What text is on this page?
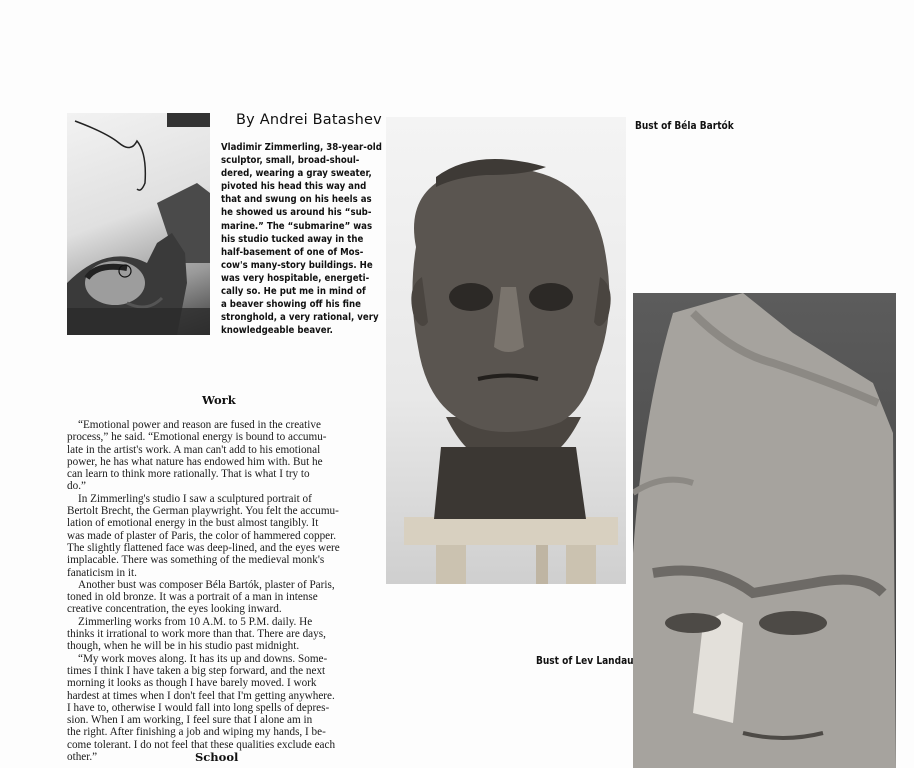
By Andrei Batashev
Vladimir Zimmerling, 38-year-old
sculptor, small, broad-shoul-
dered, wearing a gray sweater,
pivoted his head this way and
that and swung on his heels as
he showed us around his “sub-
marine.” The “submarine” was
his studio tucked away in the
half-basement of one of Mos-
cow's many-story buildings. He
was very hospitable, energeti-
cally so. He put me in mind of
a beaver showing off his fine
stronghold, a very rational, very
knowledgeable beaver.
Bust of Béla Bartók
Bust of Lev Landau
Work
“Emotional power and reason are fused in the creative
process,” he said. “Emotional energy is bound to accumu-
late in the artist's work. A man can't add to his emotional
power, he has what nature has endowed him with. But he
can learn to think more rationally. That is what I try to
do.”
In Zimmerling's studio I saw a sculptured portrait of
Bertolt Brecht, the German playwright. You felt the accumu-
lation of emotional energy in the bust almost tangibly. It
was made of plaster of Paris, the color of hammered copper.
The slightly flattened face was deep-lined, and the eyes were
implacable. There was something of the medieval monk's
fanaticism in it.
Another bust was composer Béla Bartók, plaster of Paris,
toned in old bronze. It was a portrait of a man in intense
creative concentration, the eyes looking inward.
Zimmerling works from 10 A.M. to 5 P.M. daily. He
thinks it irrational to work more than that. There are days,
though, when he will be in his studio past midnight.
“My work moves along. It has its up and downs. Some-
times I think I have taken a big step forward, and the next
morning it looks as though I have barely moved. I work
hardest at times when I don't feel that I'm getting anywhere.
I have to, otherwise I would fall into long spells of depres-
sion. When I am working, I feel sure that I alone am in
the right. After finishing a job and wiping my hands, I be-
come tolerant. I do not feel that these qualities exclude each
other.”	School
